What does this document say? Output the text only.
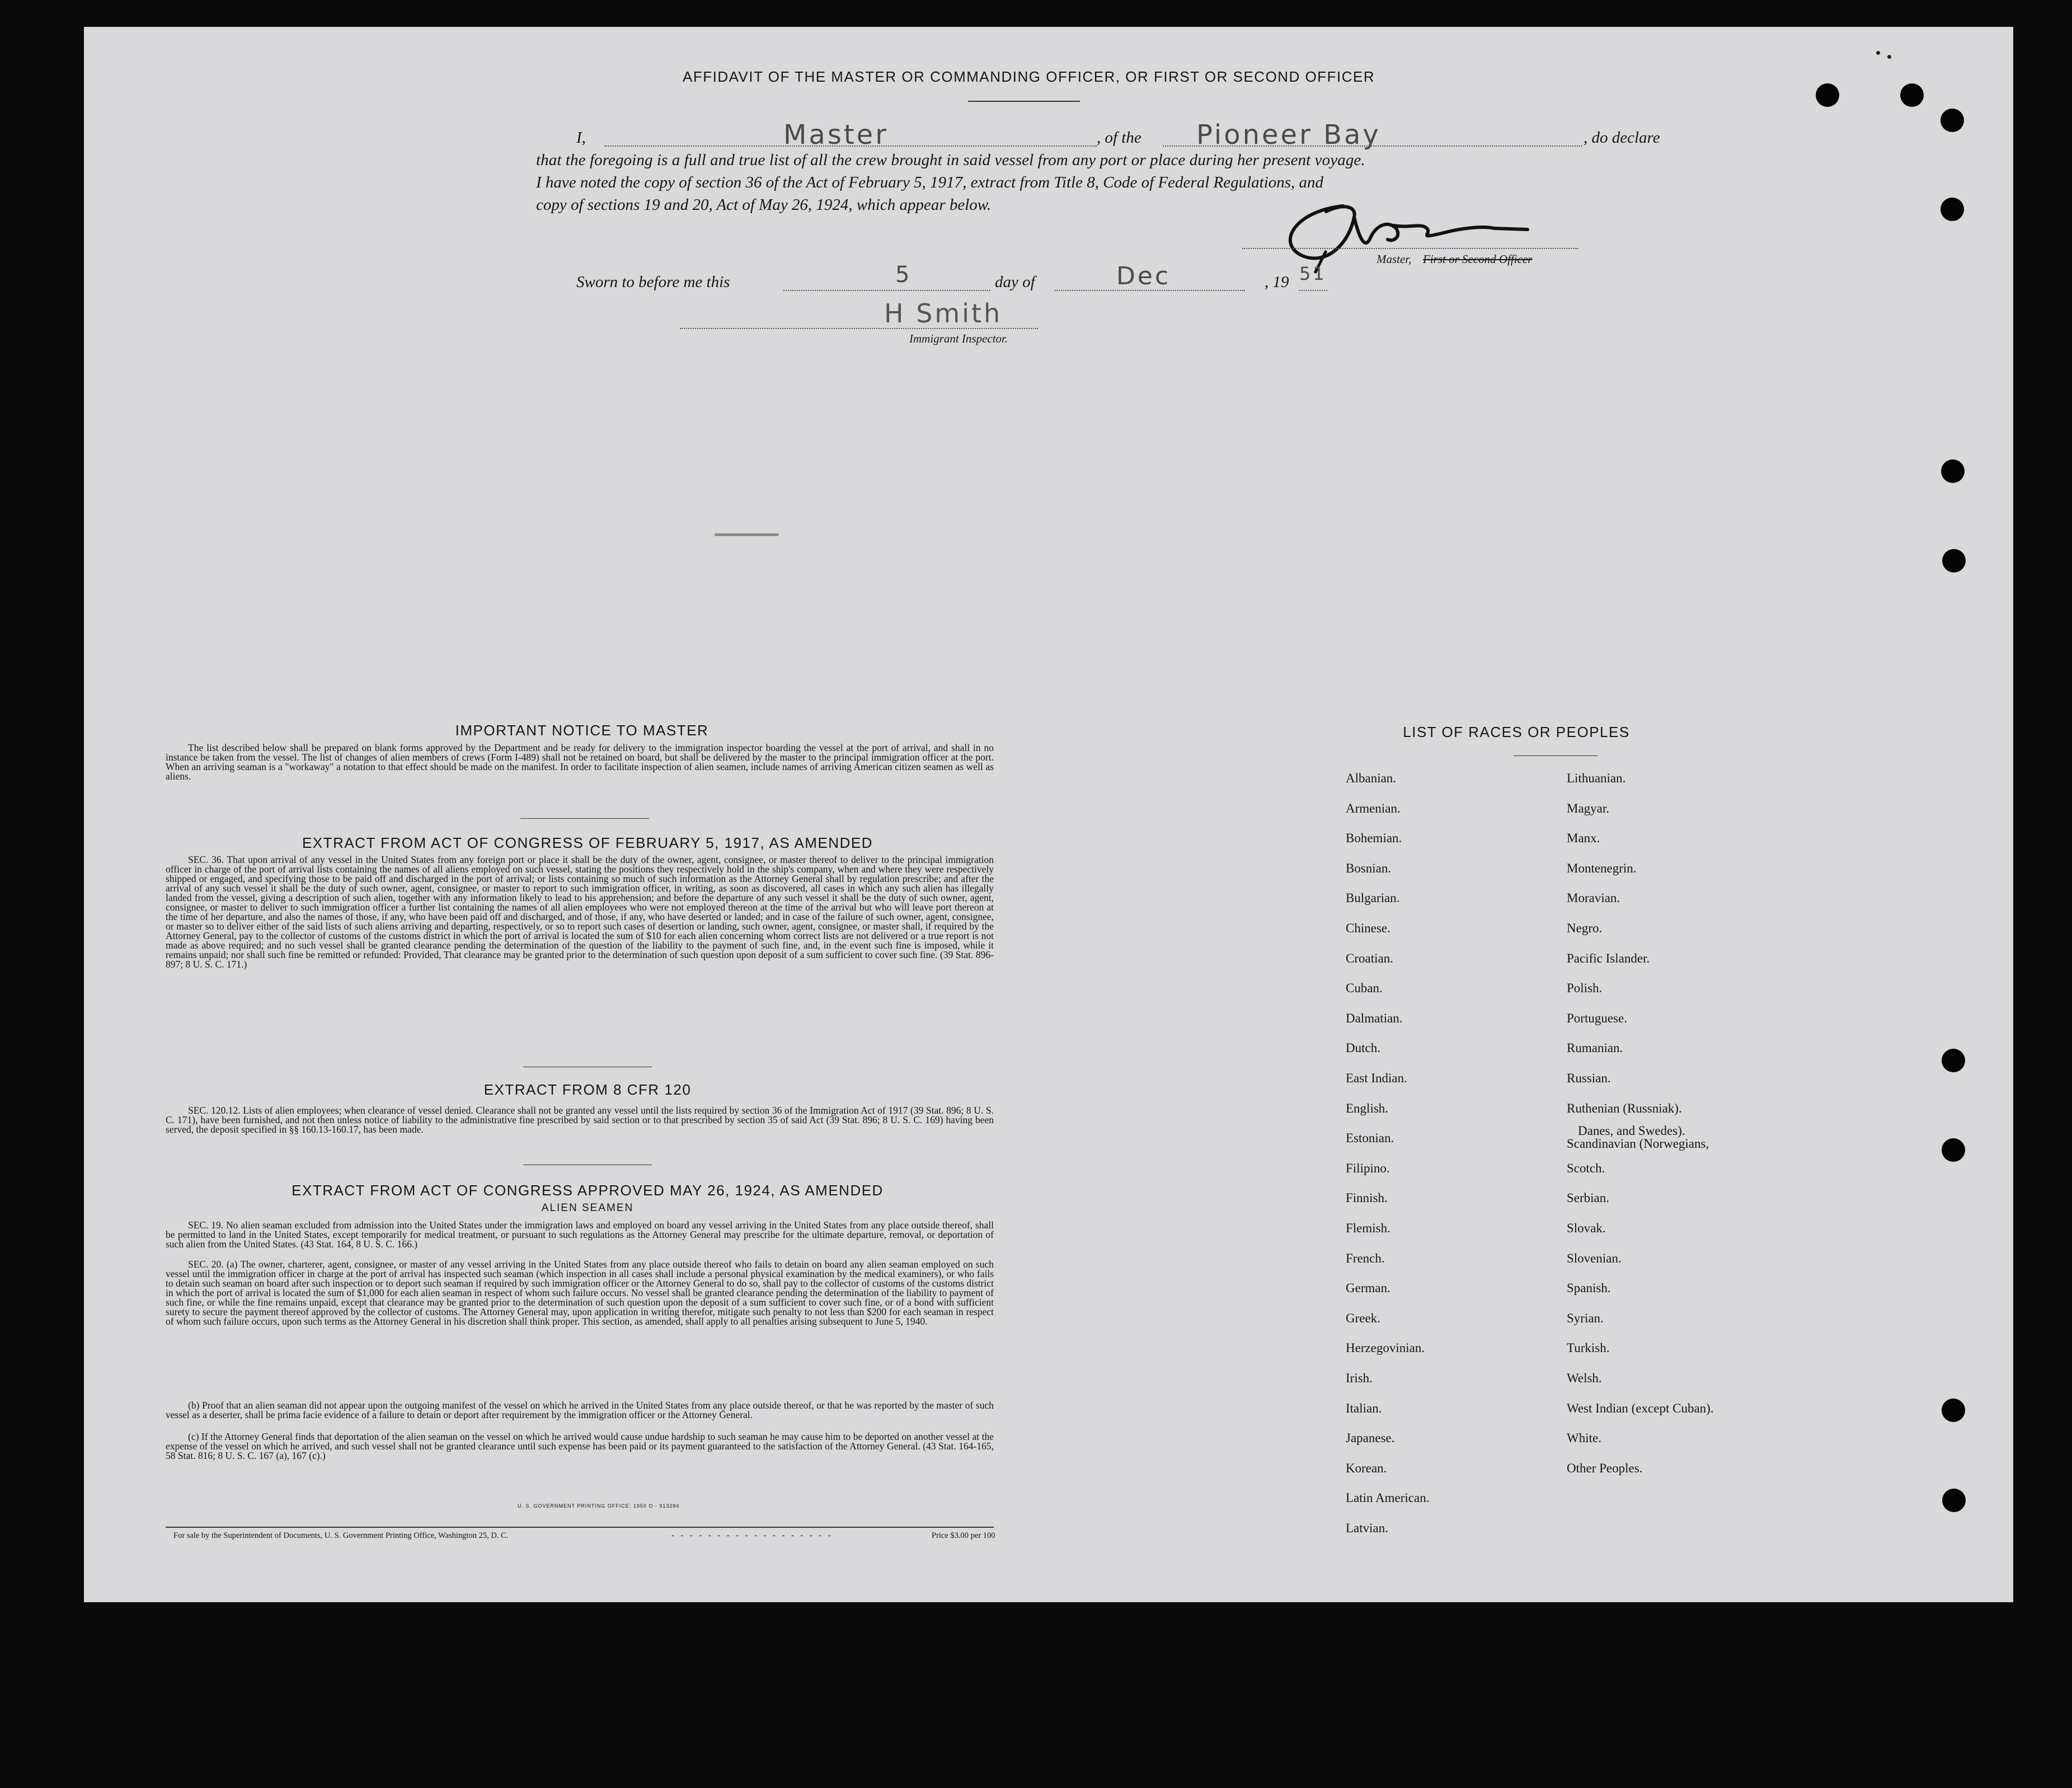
AFFIDAVIT OF THE MASTER OR COMMANDING OFFICER, OR FIRST OR SECOND OFFICER
I,	Master	, of the Pioneer Bay	, do declare
that the foregoing is a full and true list of all the crew brought in said vessel from any port or place during her present voyage.
I have noted the copy of section 36 of the Act of February 5, 1917, extract from Title 8, Code of Federal Regulations, and
copy of sections 19 and 20, Act of May 26, 1924, which appear below.
Master, First or Second Officer
Sworn to before me this	5	day of	Dec	, 19 51
H Smith
Immigrant Inspector.
IMPORTANT NOTICE TO MASTER
The list described below shall be prepared on blank forms approved by the Department and be ready for delivery to the immigration inspector boarding the vessel at the port of arrival, and shall in no instance be taken from the vessel. The list of changes of alien members of crews (Form I-489) shall not be retained on board, but shall be delivered by the master to the principal immigration officer at the port. When an arriving seaman is a "workaway" a notation to that effect should be made on the manifest. In order to facilitate inspection of alien seamen, include names of arriving American citizen seamen as well as aliens.
EXTRACT FROM ACT OF CONGRESS OF FEBRUARY 5, 1917, AS AMENDED
SEC. 36. That upon arrival of any vessel in the United States from any foreign port or place it shall be the duty of the owner, agent, consignee, or master thereof to deliver to the principal immigration officer in charge of the port of arrival lists containing the names of all aliens employed on such vessel, stating the positions they respectively hold in the ship's company, when and where they were respectively shipped or engaged, and specifying those to be paid off and discharged in the port of arrival; or lists containing so much of such information as the Attorney General shall by regulation prescribe; and after the arrival of any such vessel it shall be the duty of such owner, agent, consignee, or master to report to such immigration officer, in writing, as soon as discovered, all cases in which any such alien has illegally landed from the vessel, giving a description of such alien, together with any information likely to lead to his apprehension; and before the departure of any such vessel it shall be the duty of such owner, agent, consignee, or master to deliver to such immigration officer a further list containing the names of all alien employees who were not employed thereon at the time of the arrival but who will leave port thereon at the time of her departure, and also the names of those, if any, who have been paid off and discharged, and of those, if any, who have deserted or landed; and in case of the failure of such owner, agent, consignee, or master so to deliver either of the said lists of such aliens arriving and departing, respectively, or so to report such cases of desertion or landing, such owner, agent, consignee, or master shall, if required by the Attorney General, pay to the collector of customs of the customs district in which the port of arrival is located the sum of $10 for each alien concerning whom correct lists are not delivered or a true report is not made as above required; and no such vessel shall be granted clearance pending the determination of the question of the liability to the payment of such fine, and, in the event such fine is imposed, while it remains unpaid; nor shall such fine be remitted or refunded: Provided, That clearance may be granted prior to the determination of such question upon deposit of a sum sufficient to cover such fine. (39 Stat. 896-897; 8 U. S. C. 171.)
EXTRACT FROM 8 CFR 120
SEC. 120.12. Lists of alien employees; when clearance of vessel denied. Clearance shall not be granted any vessel until the lists required by section 36 of the Immigration Act of 1917 (39 Stat. 896; 8 U. S. C. 171), have been furnished, and not then unless notice of liability to the administrative fine prescribed by said section or to that prescribed by section 35 of said Act (39 Stat. 896; 8 U. S. C. 169) having been served, the deposit specified in §§ 160.13-160.17, has been made.
EXTRACT FROM ACT OF CONGRESS APPROVED MAY 26, 1924, AS AMENDED
ALIEN SEAMEN
SEC. 19. No alien seaman excluded from admission into the United States under the immigration laws and employed on board any vessel arriving in the United States from any place outside thereof, shall be permitted to land in the United States, except temporarily for medical treatment, or pursuant to such regulations as the Attorney General may prescribe for the ultimate departure, removal, or deportation of such alien from the United States. (43 Stat. 164, 8 U. S. C. 166.)
SEC. 20. (a) The owner, charterer, agent, consignee, or master of any vessel arriving in the United States from any place outside thereof who fails to detain on board any alien seaman employed on such vessel until the immigration officer in charge at the port of arrival has inspected such seaman (which inspection in all cases shall include a personal physical examination by the medical examiners), or who fails to detain such seaman on board after such inspection or to deport such seaman if required by such immigration officer or the Attorney General to do so, shall pay to the collector of customs of the customs district in which the port of arrival is located the sum of $1,000 for each alien seaman in respect of whom such failure occurs. No vessel shall be granted clearance pending the determination of the liability to payment of such fine, or while the fine remains unpaid, except that clearance may be granted prior to the determination of such question upon the deposit of a sum sufficient to cover such fine, or of a bond with sufficient surety to secure the payment thereof approved by the collector of customs. The Attorney General may, upon application in writing therefor, mitigate such penalty to not less than $200 for each seaman in respect of whom such failure occurs, upon such terms as the Attorney General in his discretion shall think proper. This section, as amended, shall apply to all penalties arising subsequent to June 5, 1940.
(b) Proof that an alien seaman did not appear upon the outgoing manifest of the vessel on which he arrived in the United States from any place outside thereof, or that he was reported by the master of such vessel as a deserter, shall be prima facie evidence of a failure to detain or deport after requirement by the immigration officer or the Attorney General.
(c) If the Attorney General finds that deportation of the alien seaman on the vessel on which he arrived would cause undue hardship to such seaman he may cause him to be deported on another vessel at the expense of the vessel on which he arrived, and such vessel shall not be granted clearance until such expense has been paid or its payment guaranteed to the satisfaction of the Attorney General. (43 Stat. 164-165, 58 Stat. 816; 8 U. S. C. 167 (a), 167 (c).)
U. S. GOVERNMENT PRINTING OFFICE: 1950 O - 913284
For sale by the Superintendent of Documents, U. S. Government Printing Office, Washington 25, D. C.	- - - - - - - - - - - - - - - - - -	Price $3.00 per 100
LIST OF RACES OR PEOPLES
Albanian.
Armenian.
Bohemian.
Bosnian.
Bulgarian.
Chinese.
Croatian.
Cuban.
Dalmatian.
Dutch.
East Indian.
English.
Estonian.
Filipino.
Finnish.
Flemish.
French.
German.
Greek.
Herzegovinian.
Irish.
Italian.
Japanese.
Korean.
Latin American.
Latvian.
Lithuanian.
Magyar.
Manx.
Montenegrin.
Moravian.
Negro.
Pacific Islander.
Polish.
Portuguese.
Rumanian.
Russian.
Ruthenian (Russniak).
Scandinavian (Norwegians,
Danes, and Swedes).
Scotch.
Serbian.
Slovak.
Slovenian.
Spanish.
Syrian.
Turkish.
Welsh.
West Indian (except Cuban).
White.
Other Peoples.
